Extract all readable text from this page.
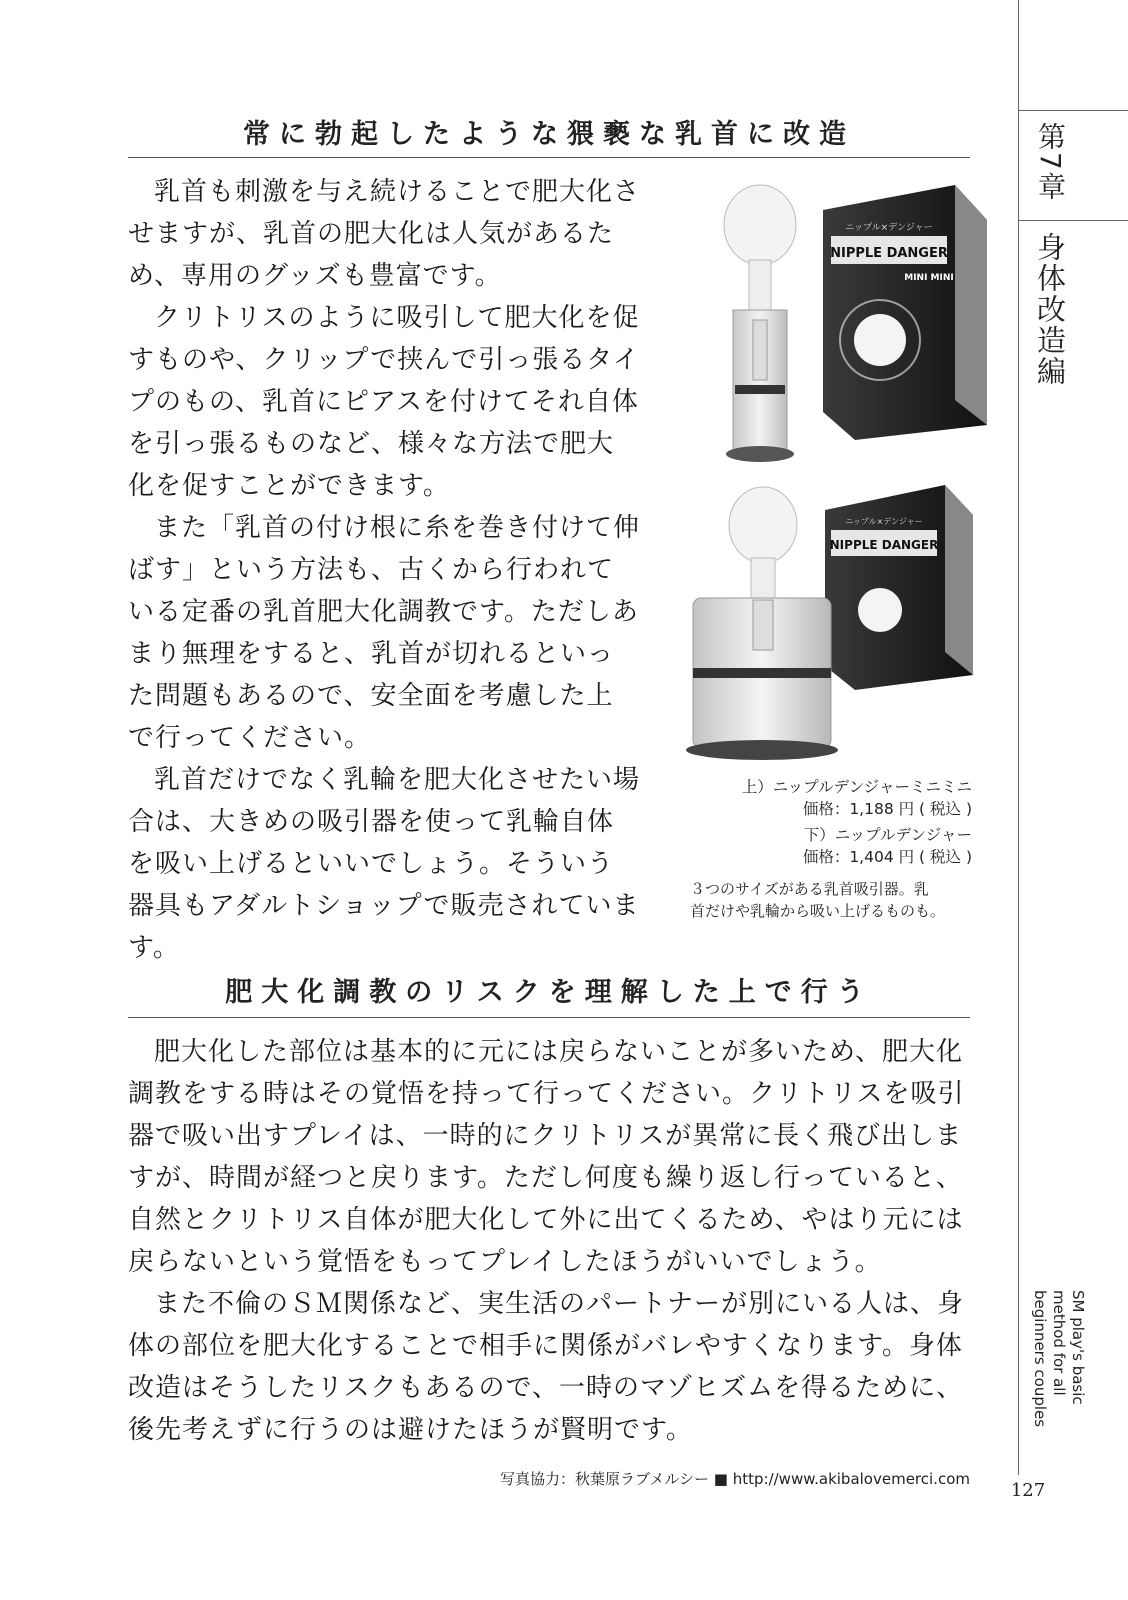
常に勃起したような猥褻な乳首に改造

乳首も刺激を与え続けることで肥大化させますが、乳首の肥大化は人気があるため、専用のグッズも豊富です。

クリトリスのように吸引して肥大化を促すものや、クリップで挟んで引っ張るタイプのもの、乳首にピアスを付けてそれ自体を引っ張るものなど、様々な方法で肥大化を促すことができます。

また「乳首の付け根に糸を巻き付けて伸ばす」という方法も、古くから行われている定番の乳首肥大化調教です。ただしあまり無理をすると、乳首が切れるといった問題もあるので、安全面を考慮した上で行ってください。

乳首だけでなく乳輪を肥大化させたい場合は、大きめの吸引器を使って乳輪自体を吸い上げるといいでしょう。そういう器具もアダルトショップで販売されています。

NIPPLE DANGER
ニップル×デンジャー
MINI MINI
NIPPLE DANGER
ニップル×デンジャー
上）ニップルデンジャーミニミニ
価格：1,188 円 ( 税込 )
下）ニップルデンジャー
価格：1,404 円 ( 税込 )
３つのサイズがある乳首吸引器。乳
首だけや乳輪から吸い上げるものも。
肥大化調教のリスクを理解した上で行う

肥大化した部位は基本的に元には戻らないことが多いため、肥大化調教をする時はその覚悟を持って行ってください。クリトリスを吸引器で吸い出すプレイは、一時的にクリトリスが異常に長く飛び出しますが、時間が経つと戻ります。ただし何度も繰り返し行っていると、自然とクリトリス自体が肥大化して外に出てくるため、やはり元には戻らないという覚悟をもってプレイしたほうがいいでしょう。

また不倫のＳＭ関係など、実生活のパートナーが別にいる人は、身体の部位を肥大化することで相手に関係がバレやすくなります。身体改造はそうしたリスクもあるので、一時のマゾヒズムを得るために、後先考えずに行うのは避けたほうが賢明です。

写真協力：秋葉原ラブメルシー ■ http://www.akibalovemerci.com
第7章
身体改造編
SM play's basic method for all beginners couples
127
